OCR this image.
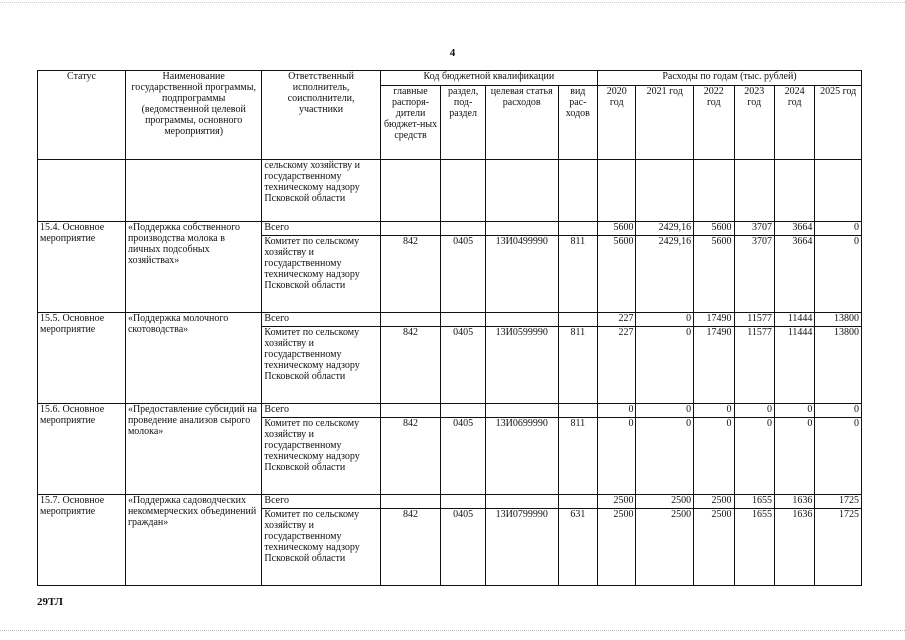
4
Статус	Наименование государственной программы, подпрограммы (ведомственной целевой программы, основного мероприятия)	Ответственный исполнитель, соисполнители, участники	Код бюджетной квалификации				Расходы по годам (тыс. рублей)					
			главные распоря-дители бюджет-ных средств	раздел, под-раздел	целевая статья расходов	вид рас-ходов	2020 год	2021 год	2022 год	2023 год	2024 год	2025 год
		сельскому хозяйству и государственному техническому надзору Псковской области										
15.4. Основное мероприятие	«Поддержка собственного производства молока в личных подсобных хозяйствах»	Всего					5600	2429,16	5600	3707	3664	0
		Комитет по сельскому хозяйству и государственному техническому надзору Псковской области	842	0405	13И0499990	811	5600	2429,16	5600	3707	3664	0
15.5. Основное мероприятие	«Поддержка молочного скотоводства»	Всего					227	0	17490	11577	11444	13800
		Комитет по сельскому хозяйству и государственному техническому надзору Псковской области	842	0405	13И0599990	811	227	0	17490	11577	11444	13800
15.6. Основное мероприятие	«Предоставление субсидий на проведение анализов сырого молока»	Всего					0	0	0	0	0	0
		Комитет по сельскому хозяйству и государственному техническому надзору Псковской области	842	0405	13И0699990	811	0	0	0	0	0	0
15.7. Основное мероприятие	«Поддержка садоводческих некоммерческих объединений граждан»	Всего					2500	2500	2500	1655	1636	1725
		Комитет по сельскому хозяйству и государственному техническому надзору Псковской области	842	0405	13И0799990	631	2500	2500	2500	1655	1636	1725
29ТЛ
